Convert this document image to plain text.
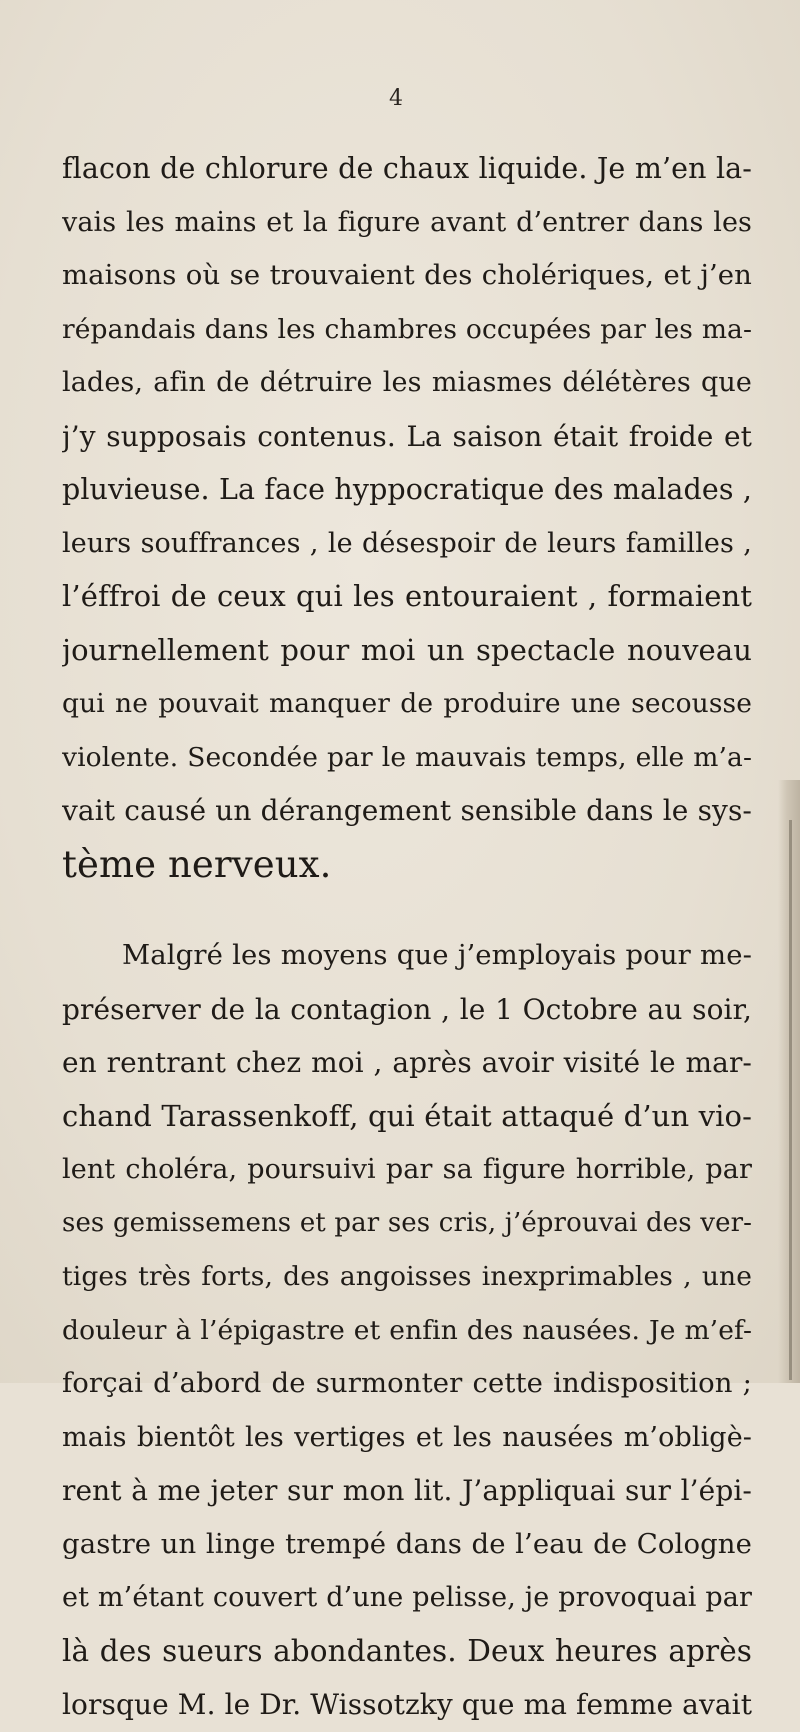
4
flacon de chlorure de chaux liquide. Je m’en la-
vais les mains et la figure avant d’entrer dans les
maisons où se trouvaient des cholériques, et j’en
répandais dans les chambres occupées par les ma-
lades, afin de détruire les miasmes délétères que
j’y supposais contenus. La saison était froide et
pluvieuse. La face hyppocratique des malades ,
leurs souffrances , le désespoir de leurs familles ,
l’éffroi de ceux qui les entouraient , formaient
journellement pour moi un spectacle nouveau
qui ne pouvait manquer de produire une secousse
violente. Secondée par le mauvais temps, elle m’a-
vait causé un dérangement sensible dans le sys-
tème nerveux.
Malgré les moyens que j’employais pour me-
préserver de la contagion , le 1 Octobre au soir,
en rentrant chez moi , après avoir visité le mar-
chand Tarassenkoff, qui était attaqué d’un vio-
lent choléra, poursuivi par sa figure horrible, par
ses gemissemens et par ses cris, j’éprouvai des ver-
tiges très forts, des angoisses inexprimables , une
douleur à l’épigastre et enfin des nausées. Je m’ef-
forçai d’abord de surmonter cette indisposition ;
mais bientôt les vertiges et les nausées m’obligè-
rent à me jeter sur mon lit. J’appliquai sur l’épi-
gastre un linge trempé dans de l’eau de Cologne
et m’étant couvert d’une pelisse, je provoquai par
là des sueurs abondantes. Deux heures après
lorsque M. le Dr. Wissotzky que ma femme avait
